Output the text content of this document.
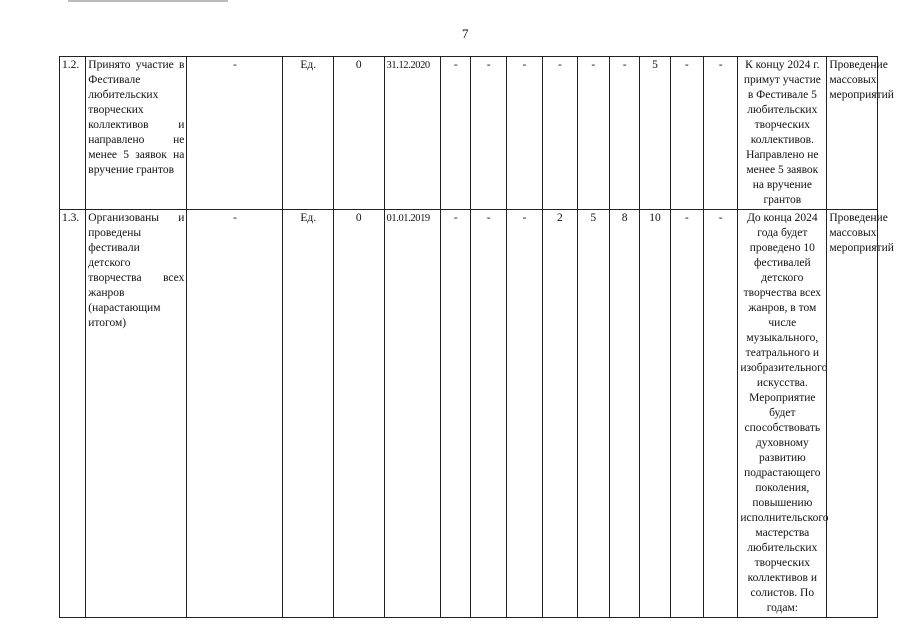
7
1.2.	Принято участие в Фестивале любительских творческих коллективов и направлено не менее 5 заявок на вручение грантов	-	Ед.	0	31.12.2020	-	-	-	-	-	-	5	-	-	К концу 2024 г. примут участие в Фестивале 5 любительских творческих коллективов. Направлено не менее 5 заявок на вручение грантов	Проведение массовых мероприятий
1.3.	Организованы и проведены фестивали детского творчества всех жанров (нарастающим итогом)	-	Ед.	0	01.01.2019	-	-	-	2	5	8	10	-	-	До конца 2024 года будет проведено 10 фестивалей детского творчества всех жанров, в том числе музыкального, театрального и изобразительного искусства. Мероприятие будет способствовать духовному развитию подрастающего поколения, повышению исполнительского мастерства любительских творческих коллективов и солистов. По годам:	Проведение массовых мероприятий
